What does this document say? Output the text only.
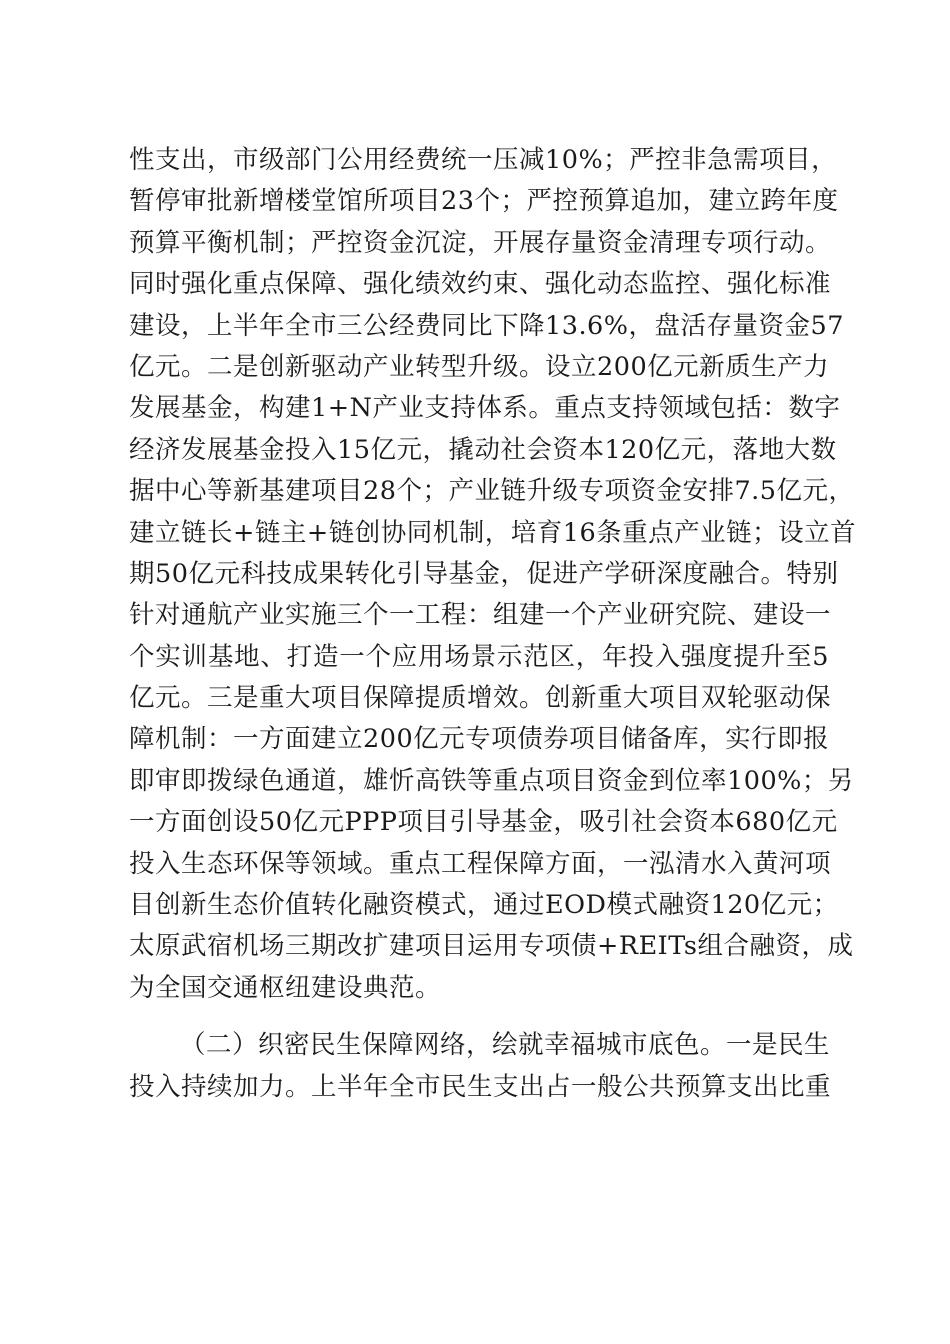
性支出，市级部门公用经费统一压减10%；严控非急需项目，
暂停审批新增楼堂馆所项目23个；严控预算追加，建立跨年度
预算平衡机制；严控资金沉淀，开展存量资金清理专项行动。
同时强化重点保障、强化绩效约束、强化动态监控、强化标准
建设，上半年全市三公经费同比下降13.6%，盘活存量资金57
亿元。二是创新驱动产业转型升级。设立200亿元新质生产力
发展基金，构建1+N产业支持体系。重点支持领域包括：数字
经济发展基金投入15亿元，撬动社会资本120亿元，落地大数
据中心等新基建项目28个；产业链升级专项资金安排7.5亿元，
建立链长+链主+链创协同机制，培育16条重点产业链；设立首
期50亿元科技成果转化引导基金，促进产学研深度融合。特别
针对通航产业实施三个一工程：组建一个产业研究院、建设一
个实训基地、打造一个应用场景示范区，年投入强度提升至5
亿元。三是重大项目保障提质增效。创新重大项目双轮驱动保
障机制：一方面建立200亿元专项债券项目储备库，实行即报
即审即拨绿色通道，雄忻高铁等重点项目资金到位率100%；另
一方面创设50亿元PPP项目引导基金，吸引社会资本680亿元
投入生态环保等领域。重点工程保障方面，一泓清水入黄河项
目创新生态价值转化融资模式，通过EOD模式融资120亿元；
太原武宿机场三期改扩建项目运用专项债+REITs组合融资，成
为全国交通枢纽建设典范。
（二）织密民生保障网络，绘就幸福城市底色。一是民生
投入持续加力。上半年全市民生支出占一般公共预算支出比重
